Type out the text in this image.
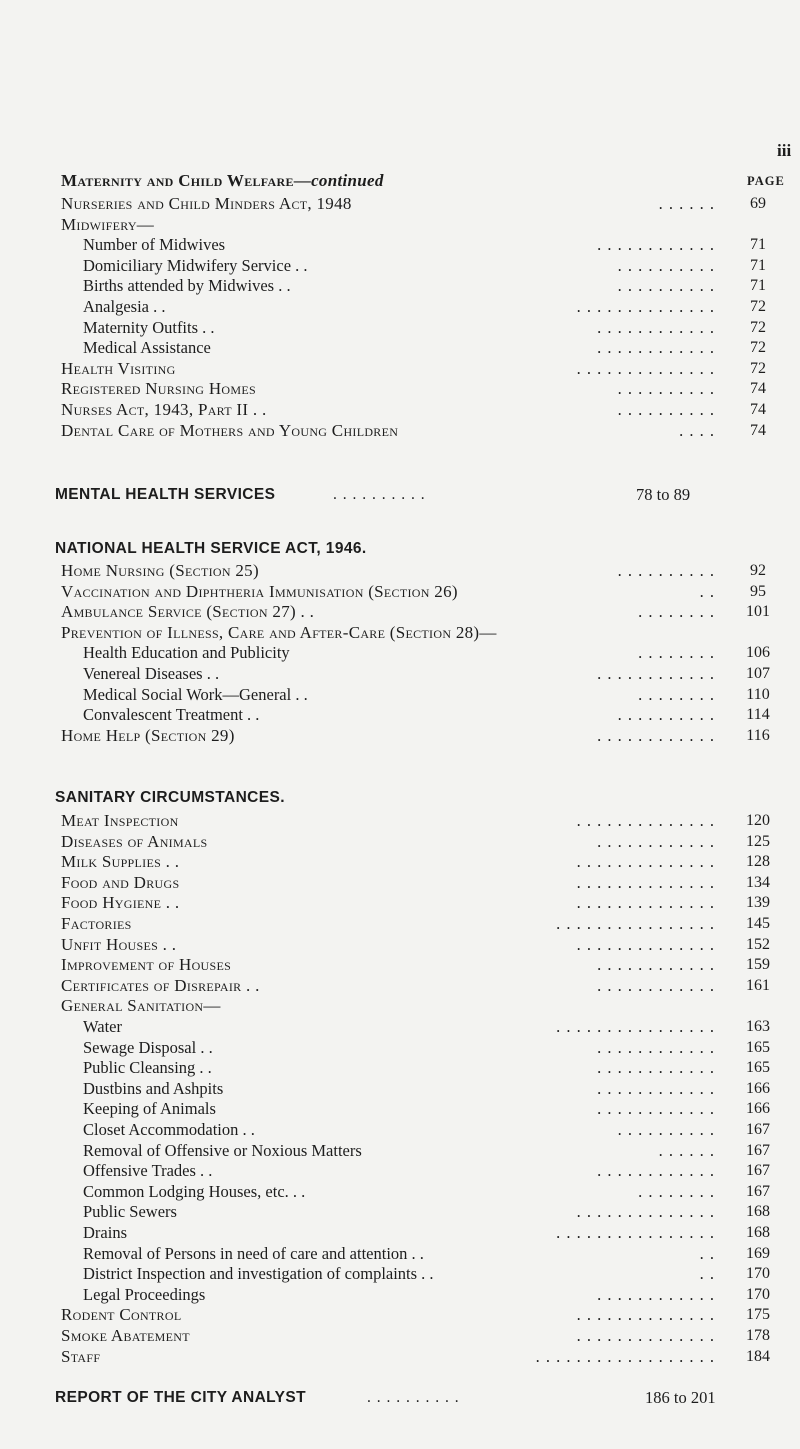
iii
Maternity and Child Welfare—continued	PAGE
Nurseries and Child Minders Act, 1948	. . . . . .	69
Midwifery—
Number of Midwives	. . . . . . . . . . . .	71
Domiciliary Midwifery Service . .	. . . . . . . . . .	71
Births attended by Midwives . .	. . . . . . . . . .	71
Analgesia . .	. . . . . . . . . . . . . .	72
Maternity Outfits . .	. . . . . . . . . . . .	72
Medical Assistance	. . . . . . . . . . . .	72
Health Visiting	. . . . . . . . . . . . . .	72
Registered Nursing Homes	. . . . . . . . . .	74
Nurses Act, 1943, Part II . .	. . . . . . . . . .	74
Dental Care of Mothers and Young Children	. . . .	74
MENTAL HEALTH SERVICES	. . . . . . . . . .	78 to 89
NATIONAL HEALTH SERVICE ACT, 1946.
Home Nursing (Section 25)	. . . . . . . . . .	92
Vaccination and Diphtheria Immunisation (Section 26)	. .	95
Ambulance Service (Section 27) . .	. . . . . . . .	101
Prevention of Illness, Care and After-Care (Section 28)—
Health Education and Publicity	. . . . . . . .	106
Venereal Diseases . .	. . . . . . . . . . . .	107
Medical Social Work—General . .	. . . . . . . .	110
Convalescent Treatment . .	. . . . . . . . . .	114
Home Help (Section 29)	. . . . . . . . . . . .	116
SANITARY CIRCUMSTANCES.
Meat Inspection	. . . . . . . . . . . . . .	120
Diseases of Animals	. . . . . . . . . . . .	125
Milk Supplies . .	. . . . . . . . . . . . . .	128
Food and Drugs	. . . . . . . . . . . . . .	134
Food Hygiene . .	. . . . . . . . . . . . . .	139
Factories	. . . . . . . . . . . . . . . .	145
Unfit Houses . .	. . . . . . . . . . . . . .	152
Improvement of Houses	. . . . . . . . . . . .	159
Certificates of Disrepair . .	. . . . . . . . . . . .	161
General Sanitation—
Water	. . . . . . . . . . . . . . . .	163
Sewage Disposal . .	. . . . . . . . . . . .	165
Public Cleansing . .	. . . . . . . . . . . .	165
Dustbins and Ashpits	. . . . . . . . . . . .	166
Keeping of Animals	. . . . . . . . . . . .	166
Closet Accommodation . .	. . . . . . . . . .	167
Removal of Offensive or Noxious Matters	. . . . . .	167
Offensive Trades . .	. . . . . . . . . . . .	167
Common Lodging Houses, etc. . .	. . . . . . . .	167
Public Sewers	. . . . . . . . . . . . . .	168
Drains	. . . . . . . . . . . . . . . .	168
Removal of Persons in need of care and attention . .	. .	169
District Inspection and investigation of complaints . .	. .	170
Legal Proceedings	. . . . . . . . . . . .	170
Rodent Control	. . . . . . . . . . . . . .	175
Smoke Abatement	. . . . . . . . . . . . . .	178
Staff	. . . . . . . . . . . . . . . . . .	184
REPORT OF THE CITY ANALYST	. . . . . . . . . .	186 to 201
